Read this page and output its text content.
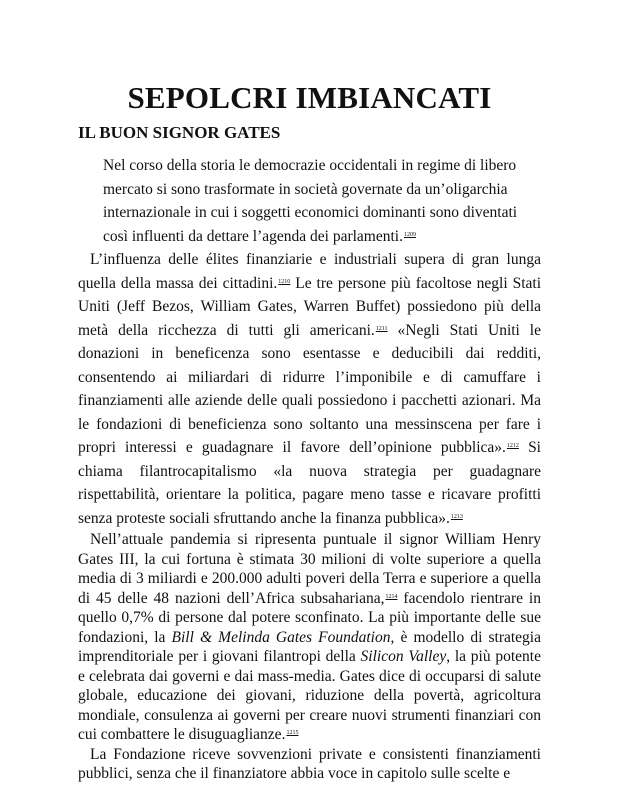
SEPOLCRI IMBIANCATI
IL BUON SIGNOR GATES

Nel corso della storia le democrazie occidentali in regime di libero mercato si sono trasformate in società governate da un’oligarchia internazionale in cui i soggetti economici dominanti sono diventati così influenti da dettare l’agenda dei parlamenti.$^{1209}$

L’influenza delle élites finanziarie e industriali supera di gran lunga quella della massa dei cittadini.$^{1210}$ Le tre persone più facoltose negli Stati Uniti (Jeff Bezos, William Gates, Warren Buffet) possiedono più della metà della ricchezza di tutti gli americani.$^{1211}$ «Negli Stati Uniti le donazioni in beneficenza sono esentasse e deducibili dai redditi, consentendo ai miliardari di ridurre l’imponibile e di camuffare i finanziamenti alle aziende delle quali possiedono i pacchetti azionari. Ma le fondazioni di beneficienza sono soltanto una messinscena per fare i propri interessi e guadagnare il favore dell’opinione pubblica».$^{1212}$ Si chiama filantrocapitalismo «la nuova strategia per guadagnare rispettabilità, orientare la politica, pagare meno tasse e ricavare profitti senza proteste sociali sfruttando anche la finanza pubblica».$^{1213}$

Nell’attuale pandemia si ripresenta puntuale il signor William Henry Gates III, la cui fortuna è stimata 30 milioni di volte superiore a quella media di 3 miliardi e 200.000 adulti poveri della Terra e superiore a quella di 45 delle 48 nazioni dell’Africa subsahariana,$^{1214}$ facendolo rientrare in quello 0,7% di persone dal potere sconfinato. La più importante delle sue fondazioni, la Bill & Melinda Gates Foundation, è modello di strategia imprenditoriale per i giovani filantropi della Silicon Valley, la più potente e celebrata dai governi e dai mass-media. Gates dice di occuparsi di salute globale, educazione dei giovani, riduzione della povertà, agricoltura mondiale, consulenza ai governi per creare nuovi strumenti finanziari con cui combattere le disuguaglianze.$^{1215}$

La Fondazione riceve sovvenzioni private e consistenti finanziamenti pubblici, senza che il finanziatore abbia voce in capitolo sulle scelte e
